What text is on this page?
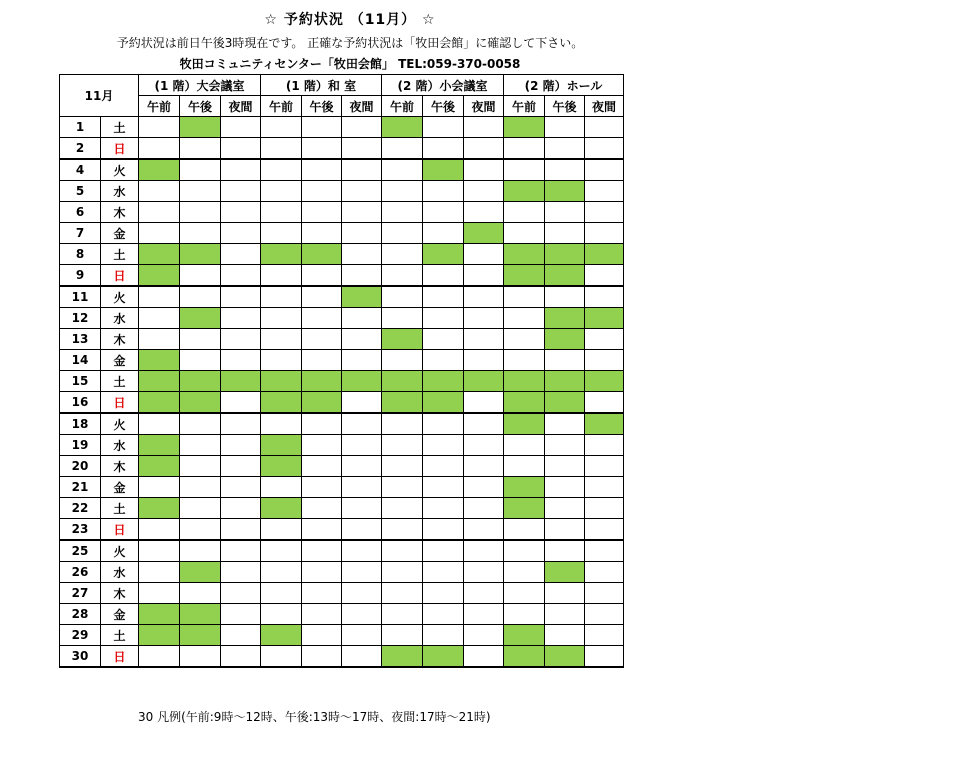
☆ 予約状況 （11月） ☆
予約状況は前日午後3時現在です。 正確な予約状況は「牧田会館」に確認して下さい。
牧田コミュニティセンター「牧田会館」 TEL:059-370-0058
11月		(1 階）大会議室			(1 階）和 室			(2 階）小会議室			(2 階）ホール		
		午前	午後	夜間	午前	午後	夜間	午前	午後	夜間	午前	午後	夜間
1	土												
2	日												
4	火												
5	水												
6	木												
7	金												
8	土												
9	日												
11	火												
12	水												
13	木												
14	金												
15	土												
16	日												
18	火												
19	水												
20	木												
21	金												
22	土												
23	日												
25	火												
26	水												
27	木												
28	金												
29	土												
30	日												
30 凡例(午前:9時～12時、午後:13時～17時、夜間:17時～21時)
